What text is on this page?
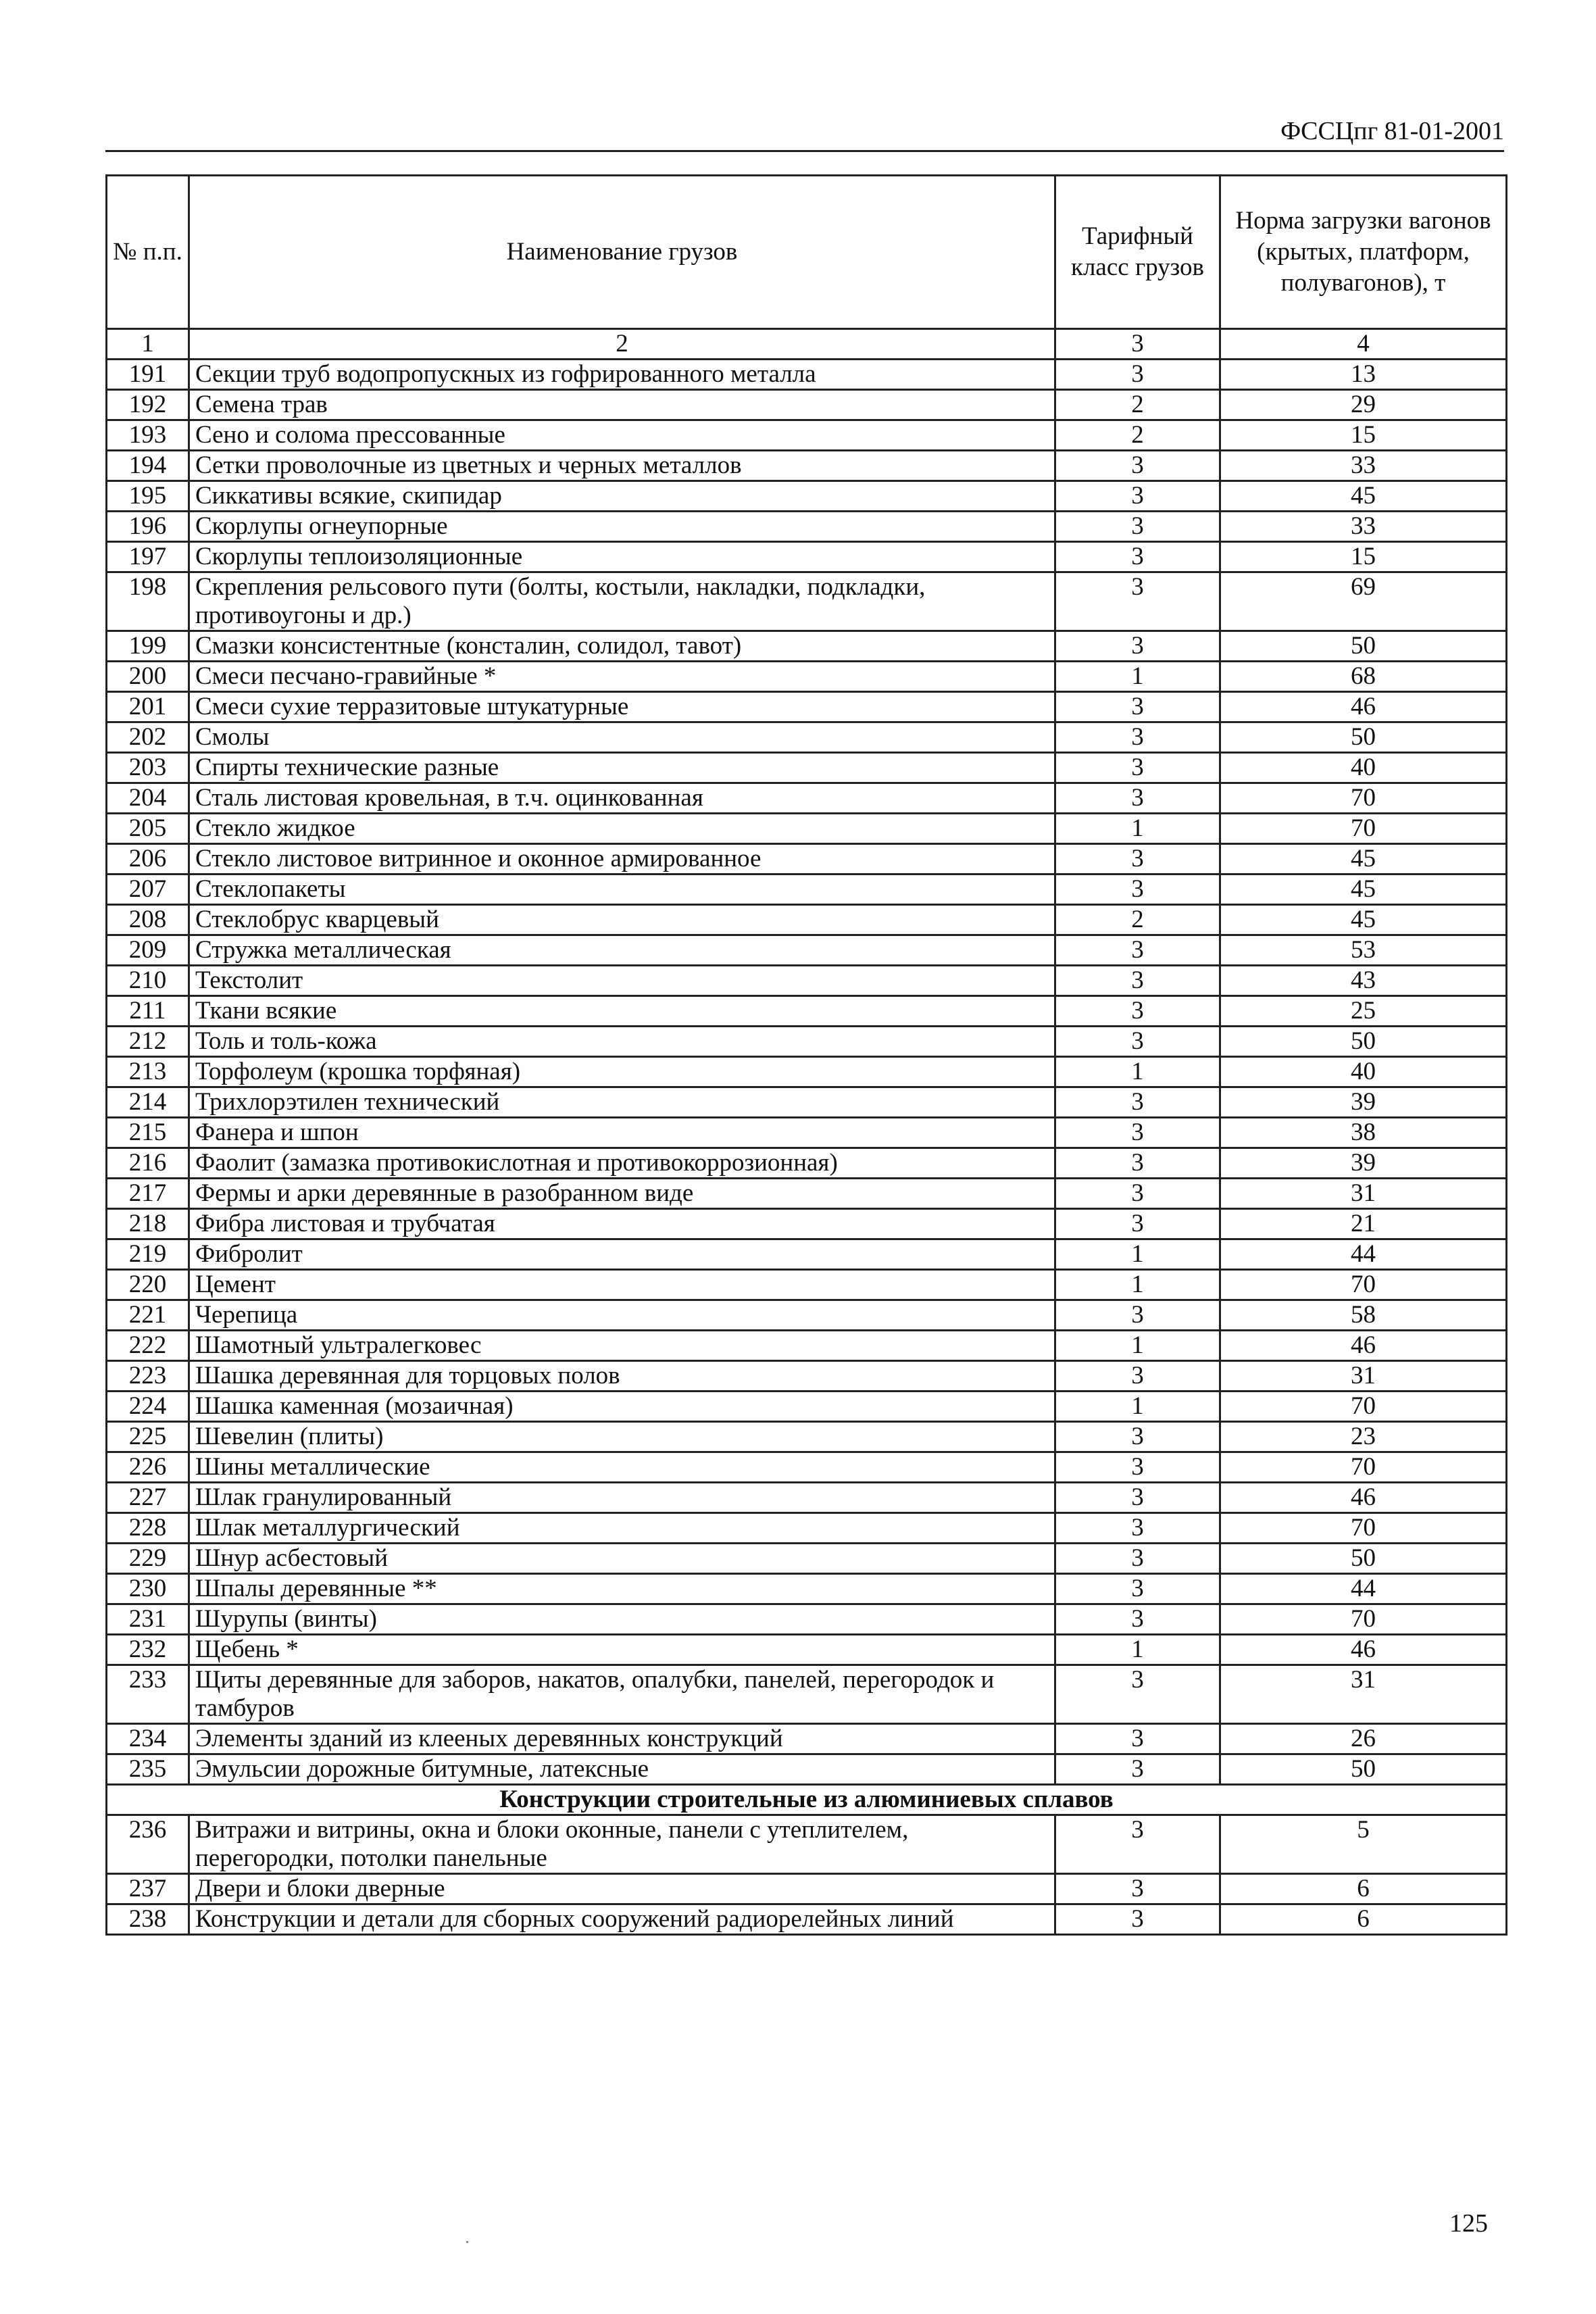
ФССЦпг 81-01-2001
№ п.п.	Наименование грузов	Тарифный класс грузов	Норма загрузки вагонов (крытых, платформ, полувагонов), т
1	2	3	4
191	Секции труб водопропускных из гофрированного металла	3	13
192	Семена трав	2	29
193	Сено и солома прессованные	2	15
194	Сетки проволочные из цветных и черных металлов	3	33
195	Сиккативы всякие, скипидар	3	45
196	Скорлупы огнеупорные	3	33
197	Скорлупы теплоизоляционные	3	15
198	Скрепления рельсового пути (болты, костыли, накладки, подкладки, противоугоны и др.)	3	69
199	Смазки консистентные (консталин, солидол, тавот)	3	50
200	Смеси песчано-гравийные *	1	68
201	Смеси сухие терразитовые штукатурные	3	46
202	Смолы	3	50
203	Спирты технические разные	3	40
204	Сталь листовая кровельная, в т.ч. оцинкованная	3	70
205	Стекло жидкое	1	70
206	Стекло листовое витринное и оконное армированное	3	45
207	Стеклопакеты	3	45
208	Стеклобрус кварцевый	2	45
209	Стружка металлическая	3	53
210	Текстолит	3	43
211	Ткани всякие	3	25
212	Толь и толь-кожа	3	50
213	Торфолеум (крошка торфяная)	1	40
214	Трихлорэтилен технический	3	39
215	Фанера и шпон	3	38
216	Фаолит (замазка противокислотная и противокоррозионная)	3	39
217	Фермы и арки деревянные в разобранном виде	3	31
218	Фибра листовая и трубчатая	3	21
219	Фибролит	1	44
220	Цемент	1	70
221	Черепица	3	58
222	Шамотный ультралегковес	1	46
223	Шашка деревянная для торцовых полов	3	31
224	Шашка каменная (мозаичная)	1	70
225	Шевелин (плиты)	3	23
226	Шины металлические	3	70
227	Шлак гранулированный	3	46
228	Шлак металлургический	3	70
229	Шнур асбестовый	3	50
230	Шпалы деревянные **	3	44
231	Шурупы (винты)	3	70
232	Щебень *	1	46
233	Щиты деревянные для заборов, накатов, опалубки, панелей, перегородок и тамбуров	3	31
234	Элементы зданий из клееных деревянных конструкций	3	26
235	Эмульсии дорожные битумные, латексные	3	50
Конструкции строительные из алюминиевых сплавов			
236	Витражи и витрины, окна и блоки оконные, панели с утеплителем, перегородки, потолки панельные	3	5
237	Двери и блоки дверные	3	6
238	Конструкции и детали для сборных сооружений радиорелейных линий	3	6
125
